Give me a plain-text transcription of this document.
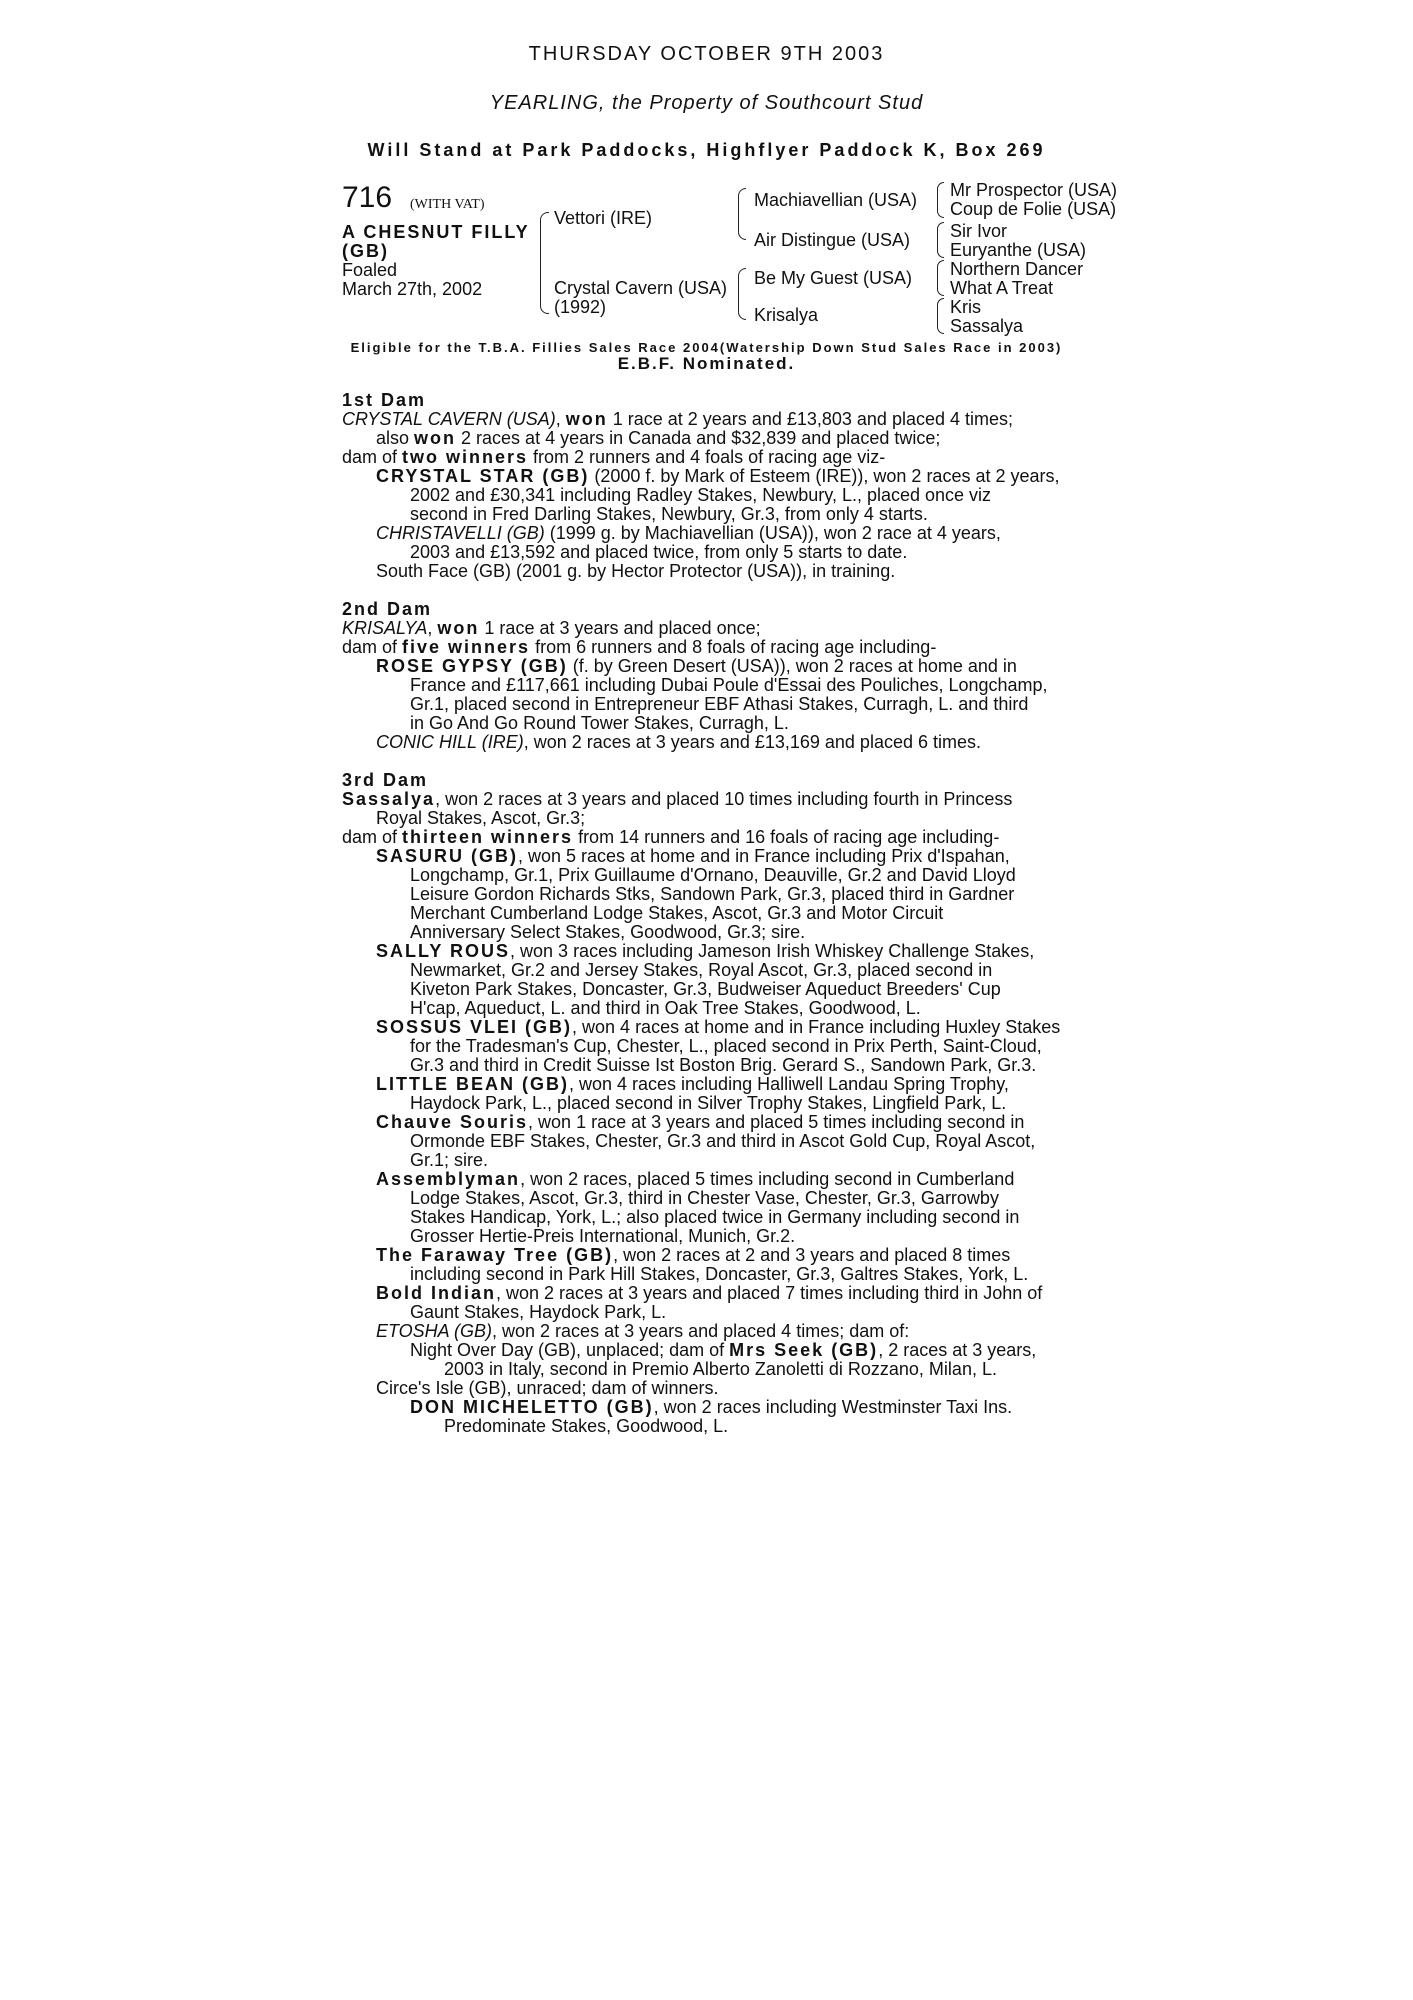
THURSDAY OCTOBER 9TH 2003
YEARLING, the Property of Southcourt Stud
Will Stand at Park Paddocks, Highflyer Paddock K, Box 269
716 (WITH VAT)
A CHESNUT FILLY
(GB)
Foaled
March 27th, 2002
Vettori (IRE)
Crystal Cavern (USA)
(1992)
Machiavellian (USA)
Air Distingue (USA)
Be My Guest (USA)
Krisalya
Mr Prospector (USA)
Coup de Folie (USA)
Sir Ivor
Euryanthe (USA)
Northern Dancer
What A Treat
Kris
Sassalya
Eligible for the T.B.A. Fillies Sales Race 2004(Watership Down Stud Sales Race in 2003)
E.B.F. Nominated.
1st Dam
CRYSTAL CAVERN (USA), won 1 race at 2 years and £13,803 and placed 4 times;
also won 2 races at 4 years in Canada and $32,839 and placed twice;
dam of two winners from 2 runners and 4 foals of racing age viz-
CRYSTAL STAR (GB) (2000 f. by Mark of Esteem (IRE)), won 2 races at 2 years,
2002 and £30,341 including Radley Stakes, Newbury, L., placed once viz
second in Fred Darling Stakes, Newbury, Gr.3, from only 4 starts.
CHRISTAVELLI (GB) (1999 g. by Machiavellian (USA)), won 2 race at 4 years,
2003 and £13,592 and placed twice, from only 5 starts to date.
South Face (GB) (2001 g. by Hector Protector (USA)), in training.
2nd Dam
KRISALYA, won 1 race at 3 years and placed once;
dam of five winners from 6 runners and 8 foals of racing age including-
ROSE GYPSY (GB) (f. by Green Desert (USA)), won 2 races at home and in
France and £117,661 including Dubai Poule d'Essai des Pouliches, Longchamp,
Gr.1, placed second in Entrepreneur EBF Athasi Stakes, Curragh, L. and third
in Go And Go Round Tower Stakes, Curragh, L.
CONIC HILL (IRE), won 2 races at 3 years and £13,169 and placed 6 times.
3rd Dam
Sassalya, won 2 races at 3 years and placed 10 times including fourth in Princess
Royal Stakes, Ascot, Gr.3;
dam of thirteen winners from 14 runners and 16 foals of racing age including-
SASURU (GB), won 5 races at home and in France including Prix d'Ispahan,
Longchamp, Gr.1, Prix Guillaume d'Ornano, Deauville, Gr.2 and David Lloyd
Leisure Gordon Richards Stks, Sandown Park, Gr.3, placed third in Gardner
Merchant Cumberland Lodge Stakes, Ascot, Gr.3 and Motor Circuit
Anniversary Select Stakes, Goodwood, Gr.3; sire.
SALLY ROUS, won 3 races including Jameson Irish Whiskey Challenge Stakes,
Newmarket, Gr.2 and Jersey Stakes, Royal Ascot, Gr.3, placed second in
Kiveton Park Stakes, Doncaster, Gr.3, Budweiser Aqueduct Breeders' Cup
H'cap, Aqueduct, L. and third in Oak Tree Stakes, Goodwood, L.
SOSSUS VLEI (GB), won 4 races at home and in France including Huxley Stakes
for the Tradesman's Cup, Chester, L., placed second in Prix Perth, Saint-Cloud,
Gr.3 and third in Credit Suisse Ist Boston Brig. Gerard S., Sandown Park, Gr.3.
LITTLE BEAN (GB), won 4 races including Halliwell Landau Spring Trophy,
Haydock Park, L., placed second in Silver Trophy Stakes, Lingfield Park, L.
Chauve Souris, won 1 race at 3 years and placed 5 times including second in
Ormonde EBF Stakes, Chester, Gr.3 and third in Ascot Gold Cup, Royal Ascot,
Gr.1; sire.
Assemblyman, won 2 races, placed 5 times including second in Cumberland
Lodge Stakes, Ascot, Gr.3, third in Chester Vase, Chester, Gr.3, Garrowby
Stakes Handicap, York, L.; also placed twice in Germany including second in
Grosser Hertie-Preis International, Munich, Gr.2.
The Faraway Tree (GB), won 2 races at 2 and 3 years and placed 8 times
including second in Park Hill Stakes, Doncaster, Gr.3, Galtres Stakes, York, L.
Bold Indian, won 2 races at 3 years and placed 7 times including third in John of
Gaunt Stakes, Haydock Park, L.
ETOSHA (GB), won 2 races at 3 years and placed 4 times; dam of:
Night Over Day (GB), unplaced; dam of Mrs Seek (GB), 2 races at 3 years,
2003 in Italy, second in Premio Alberto Zanoletti di Rozzano, Milan, L.
Circe's Isle (GB), unraced; dam of winners.
DON MICHELETTO (GB), won 2 races including Westminster Taxi Ins.
Predominate Stakes, Goodwood, L.
